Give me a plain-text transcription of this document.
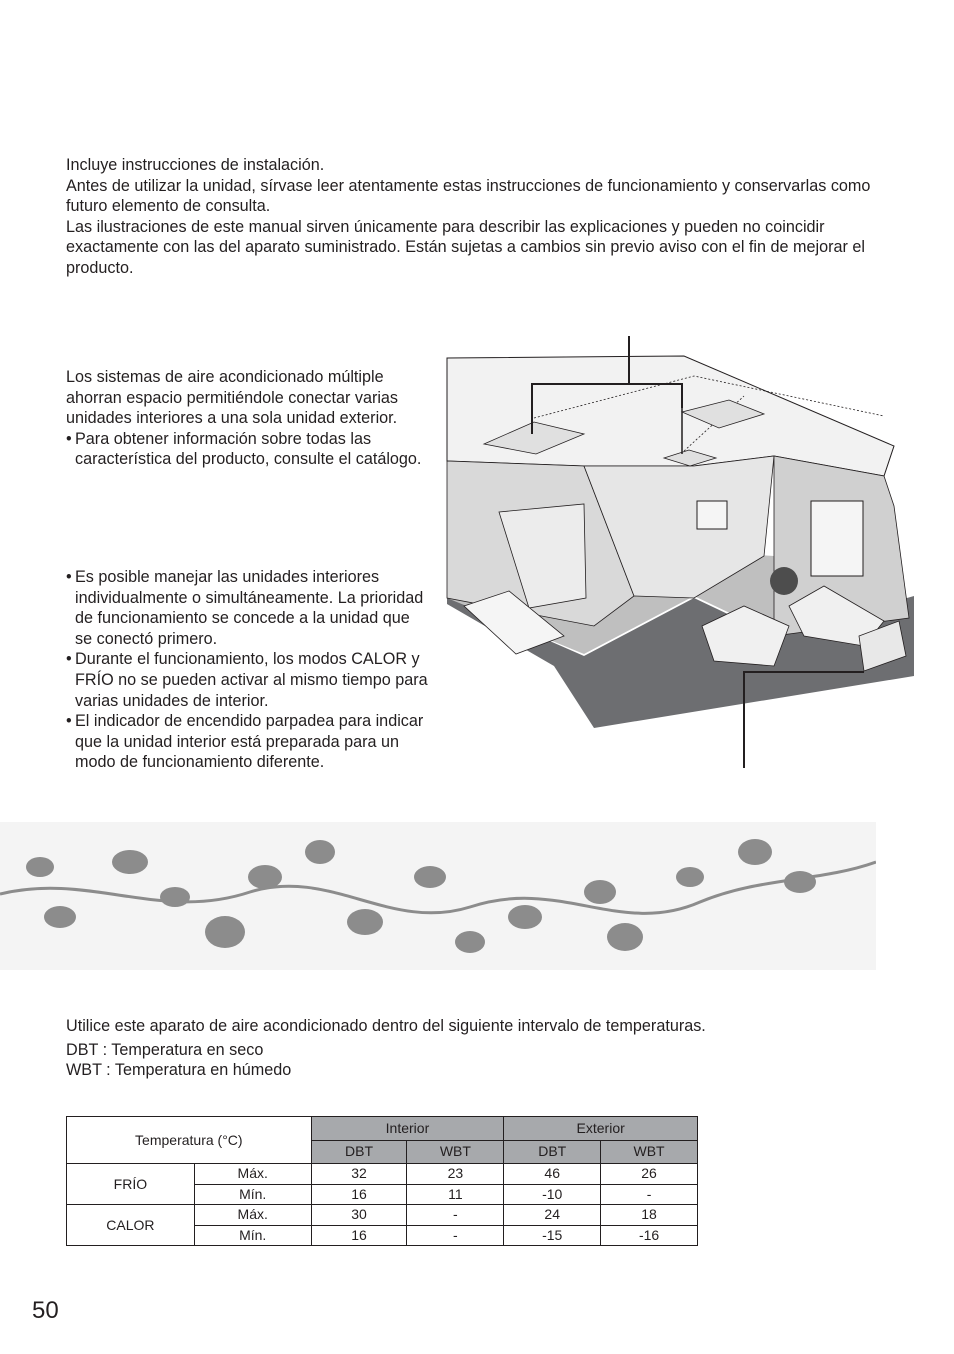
Incluye instrucciones de instalación.

Antes de utilizar la unidad, sírvase leer atentamente estas instrucciones de funcionamiento y conservarlas como futuro elemento de consulta.

Las ilustraciones de este manual sirven únicamente para describir las explicaciones y pueden no coincidir exactamente con las del aparato suministrado. Están sujetas a cambios sin previo aviso con el fin de mejorar el producto.

Los sistemas de aire acondicionado múltiple ahorran espacio permitiéndole conectar varias unidades interiores a una sola unidad exterior.

• Para obtener información sobre todas las característica del producto, consulte el catálogo.

• Es posible manejar las unidades interiores individualmente o simultáneamente. La prioridad de funcionamiento se concede a la unidad que se conectó primero.

• Durante el funcionamiento, los modos CALOR y FRÍO no se pueden activar al mismo tiempo para varias unidades de interior.

• El indicador de encendido parpadea para indicar que la unidad interior está preparada para un modo de funcionamiento diferente.

Utilice este aparato de aire acondicionado dentro del siguiente intervalo de temperaturas.

DBT : Temperatura en seco

WBT : Temperatura en húmedo

Temperatura (°C)		Interior		Exterior	
		DBT	WBT	DBT	WBT
FRÍO	Máx.	32	23	46	26
	Mín.	16	11	-10	-
CALOR	Máx.	30	-	24	18
	Mín.	16	-	-15	-16
50
